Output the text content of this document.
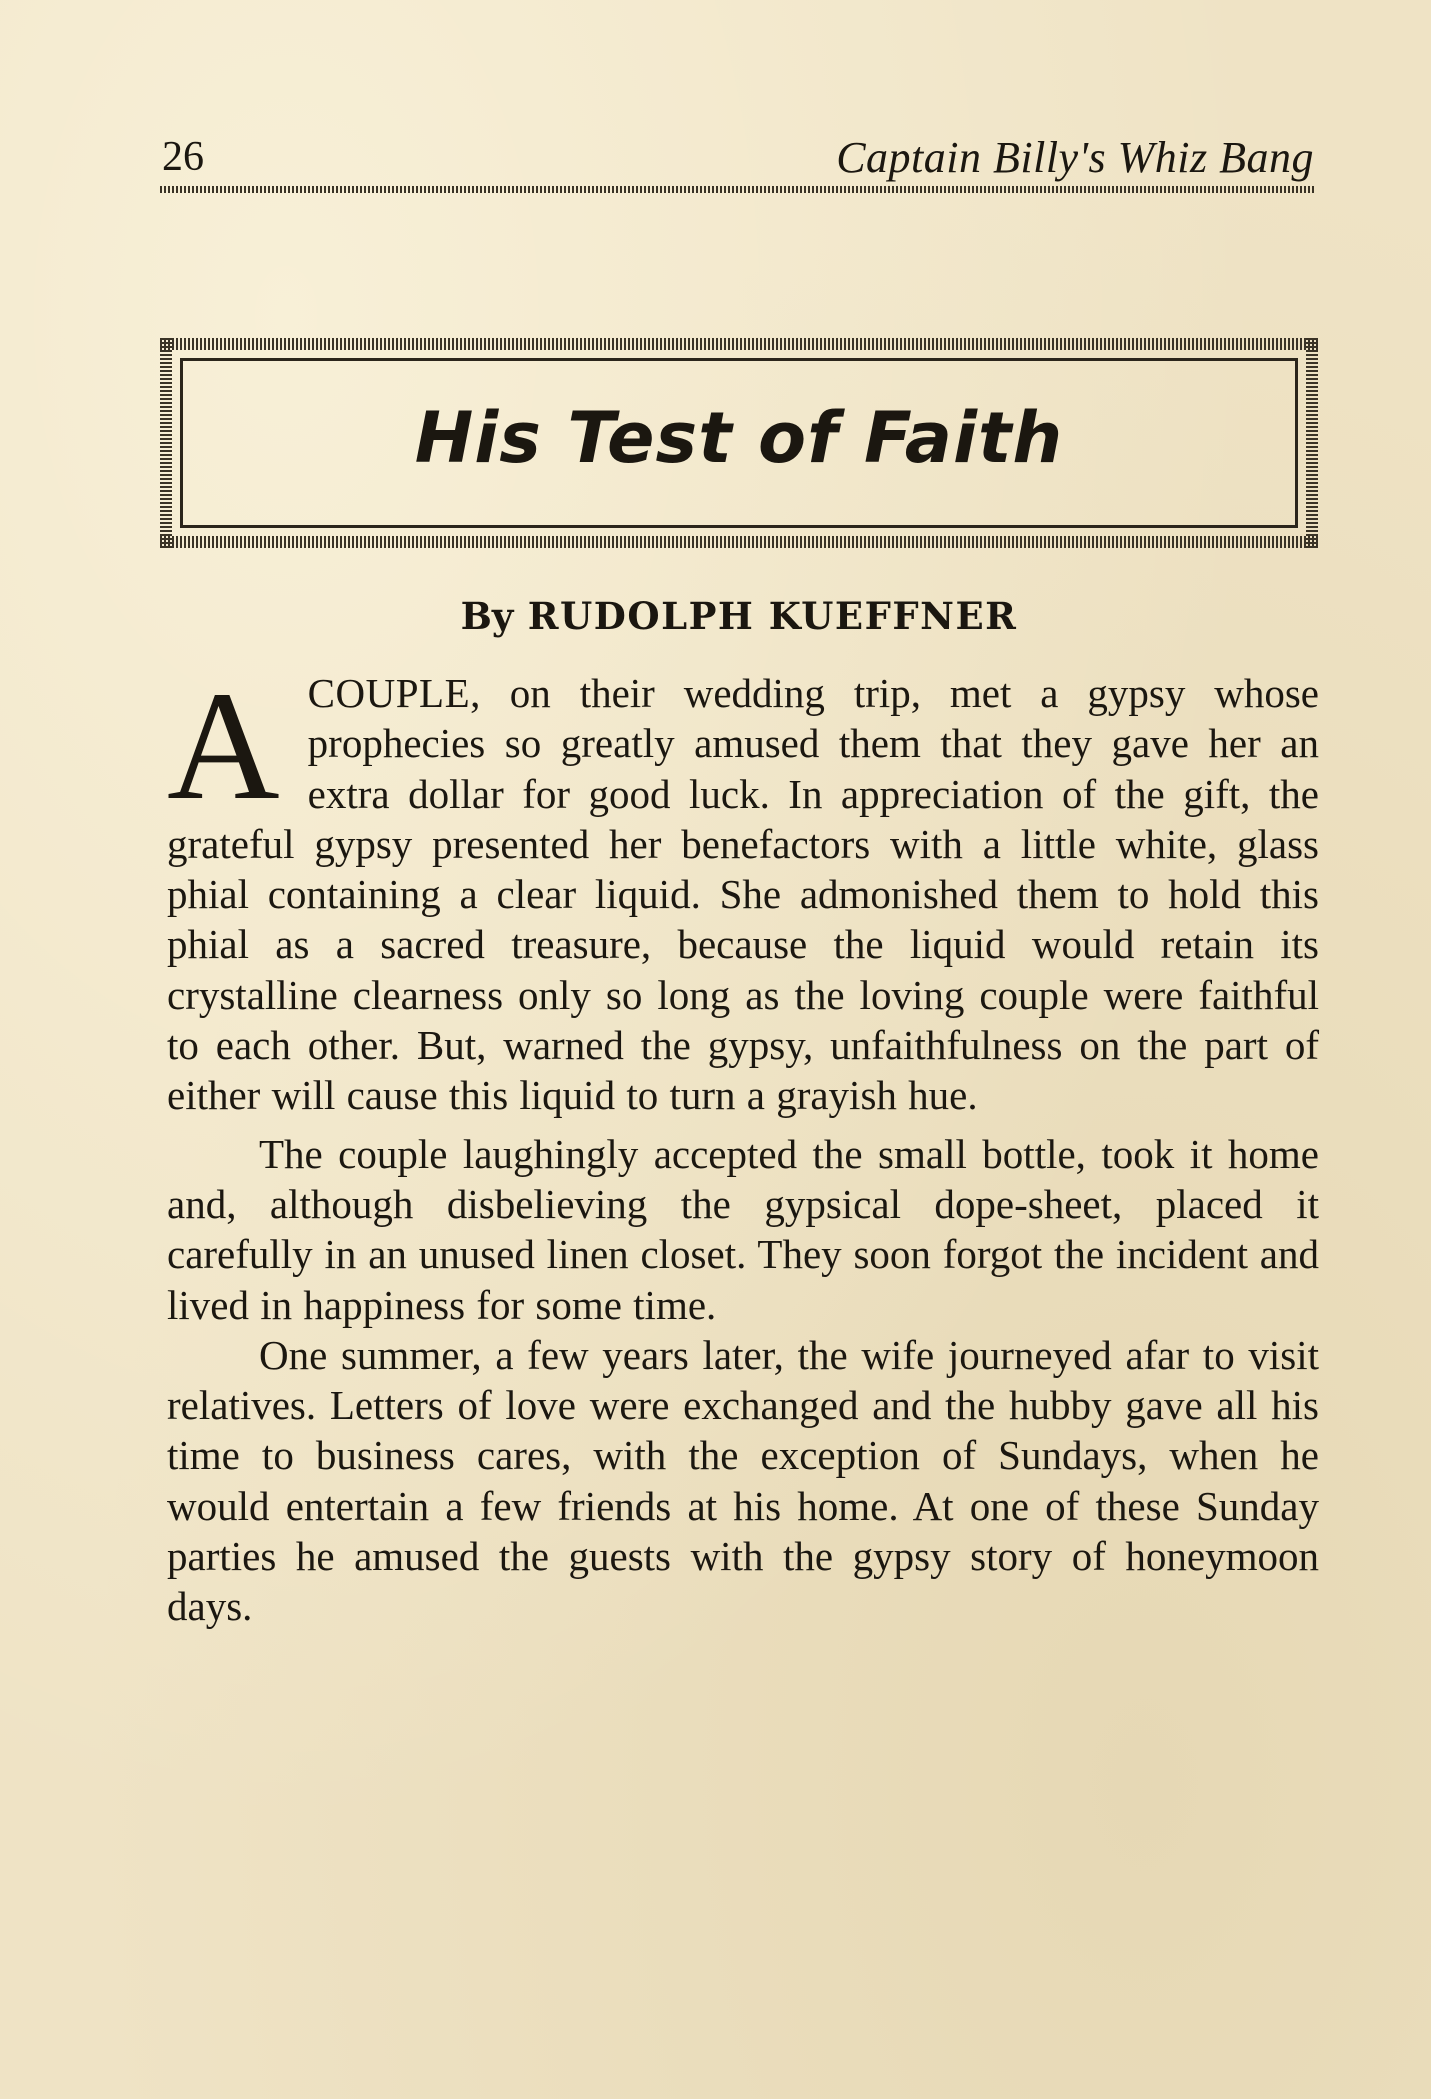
26	Captain Billy's Whiz Bang
His Test of Faith
By RUDOLPH KUEFFNER

ACOUPLE, on their wedding trip, met a gypsy whose prophecies so greatly amused them that they gave her an extra dollar for good luck. In appreciation of the gift, the grateful gypsy presented her benefactors with a little white, glass phial containing a clear liquid. She admonished them to hold this phial as a sacred treasure, because the liquid would retain its crystalline clearness only so long as the loving couple were faithful to each other. But, warned the gypsy, unfaithfulness on the part of either will cause this liquid to turn a grayish hue.

The couple laughingly accepted the small bottle, took it home and, although disbelieving the gypsical dope-sheet, placed it carefully in an unused linen closet. They soon forgot the incident and lived in happiness for some time.

One summer, a few years later, the wife journeyed afar to visit relatives. Letters of love were exchanged and the hubby gave all his time to business cares, with the exception of Sundays, when he would entertain a few friends at his home. At one of these Sunday parties he amused the guests with the gypsy story of honeymoon days.
